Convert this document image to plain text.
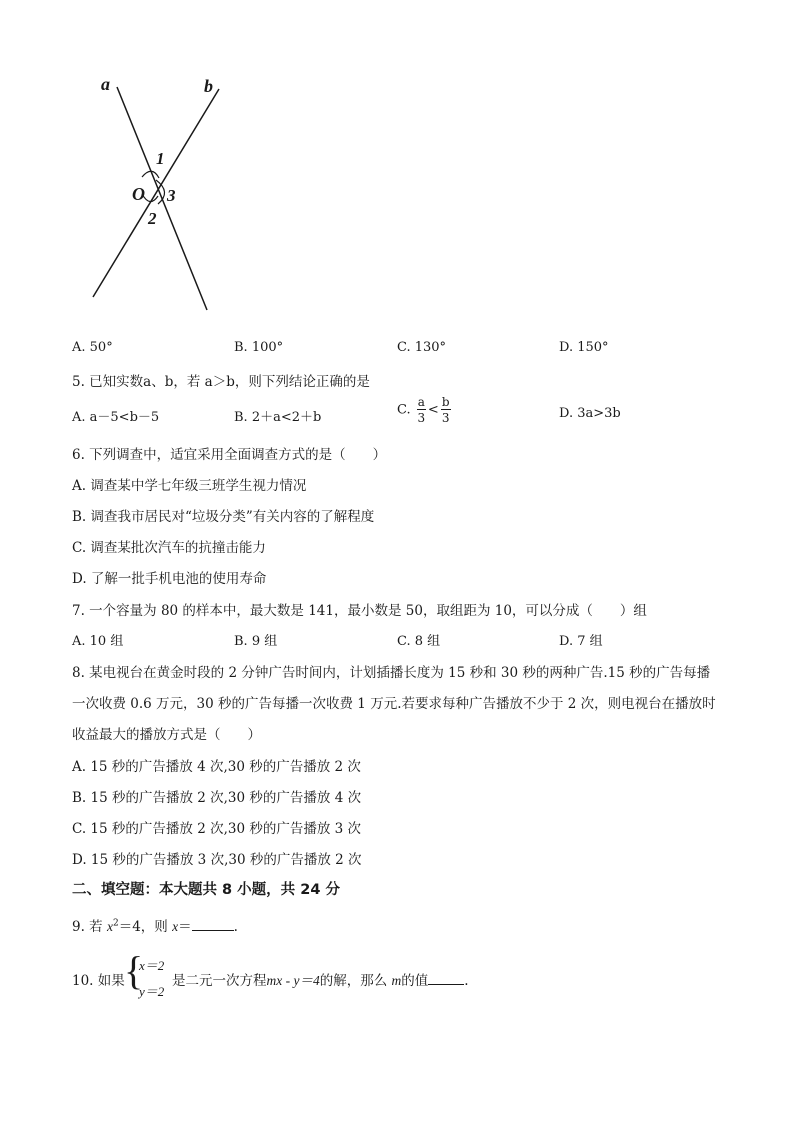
a	b
1
O 3
2
A. 50°	B. 100°	C. 130°	D. 150°
5. 已知实数a、b，若 a＞b，则下列结论正确的是
A. a－5<b－5	B. 2＋a<2＋b	C. $\frac{a}{3} < \frac{b}{3}$	D. 3a>3b
6. 下列调查中，适宜采用全面调查方式的是（　　）
A. 调查某中学七年级三班学生视力情况
B. 调查我市居民对“垃圾分类”有关内容的了解程度
C. 调查某批次汽车的抗撞击能力
D. 了解一批手机电池的使用寿命
7. 一个容量为 80 的样本中，最大数是 141，最小数是 50，取组距为 10，可以分成（　　）组
A. 10 组	B. 9 组	C. 8 组	D. 7 组
8. 某电视台在黄金时段的 2 分钟广告时间内，计划插播长度为 15 秒和 30 秒的两种广告.15 秒的广告每播
一次收费 0.6 万元，30 秒的广告每播一次收费 1 万元.若要求每种广告播放不少于 2 次，则电视台在播放时
收益最大的播放方式是（　　）
A. 15 秒的广告播放 4 次,30 秒的广告播放 2 次
B. 15 秒的广告播放 2 次,30 秒的广告播放 4 次
C. 15 秒的广告播放 2 次,30 秒的广告播放 3 次
D. 15 秒的广告播放 3 次,30 秒的广告播放 2 次
二、填空题：本大题共 8 小题，共 24 分
9. 若 $x^2=4$，则 x＝	.
10. 如果 {
x＝2
y＝2
是二元一次方程mx - y＝4的解，那么 m的值	.
